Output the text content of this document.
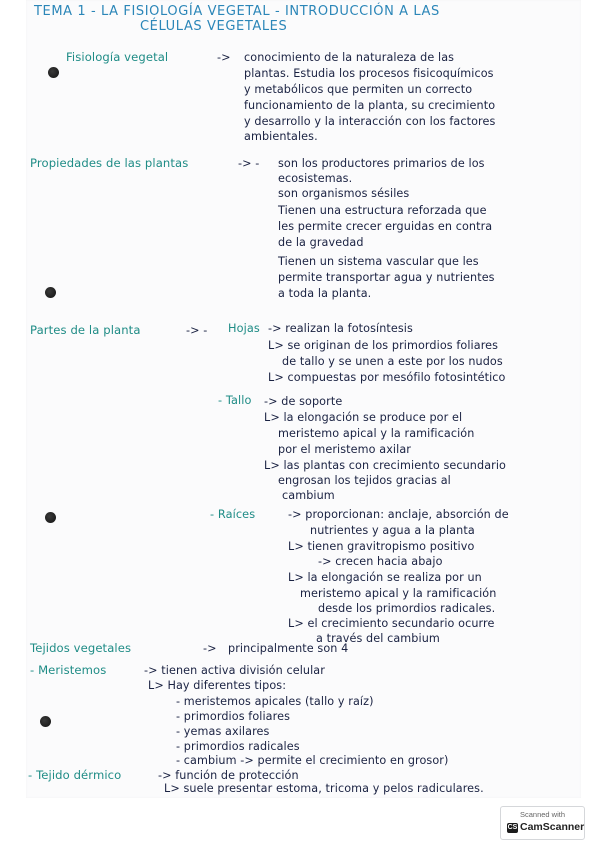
TEMA 1 - LA FISIOLOGÍA VEGETAL - INTRODUCCIÓN A LAS
CÉLULAS VEGETALES
Fisiología vegetal	-> conocimiento de la naturaleza de las
plantas. Estudia los procesos fisicoquímicos
y metabólicos que permiten un correcto
funcionamiento de la planta, su crecimiento
y desarrollo y la interacción con los factores
ambientales.
Propiedades de las plantas	-> - son los productores primarios de los
ecosistemas.
son organismos sésiles
Tienen una estructura reforzada que
les permite crecer erguidas en contra
de la gravedad
Tienen un sistema vascular que les
permite transportar agua y nutrientes
a toda la planta.
Partes de la planta	-> - Hojas -> realizan la fotosíntesis
L> se originan de los primordios foliares
de tallo y se unen a este por los nudos
L> compuestas por mesófilo fotosintético
- Tallo -> de soporte
L> la elongación se produce por el
meristemo apical y la ramificación
por el meristemo axilar
L> las plantas con crecimiento secundario
engrosan los tejidos gracias al
cambium
- Raíces	-> proporcionan: anclaje, absorción de
nutrientes y agua a la planta
L> tienen gravitropismo positivo
-> crecen hacia abajo
L> la elongación se realiza por un
meristemo apical y la ramificación
desde los primordios radicales.
L> el crecimiento secundario ocurre
a través del cambium
Tejidos vegetales	-> principalmente son 4
- Meristemos	-> tienen activa división celular
L> Hay diferentes tipos:
- meristemos apicales (tallo y raíz)
- primordios foliares
- yemas axilares
- primordios radicales
- cambium -> permite el crecimiento en grosor)
- Tejido dérmico	-> función de protección
L> suele presentar estoma, tricoma y pelos radiculares.
Scanned with
CS CamScanner
